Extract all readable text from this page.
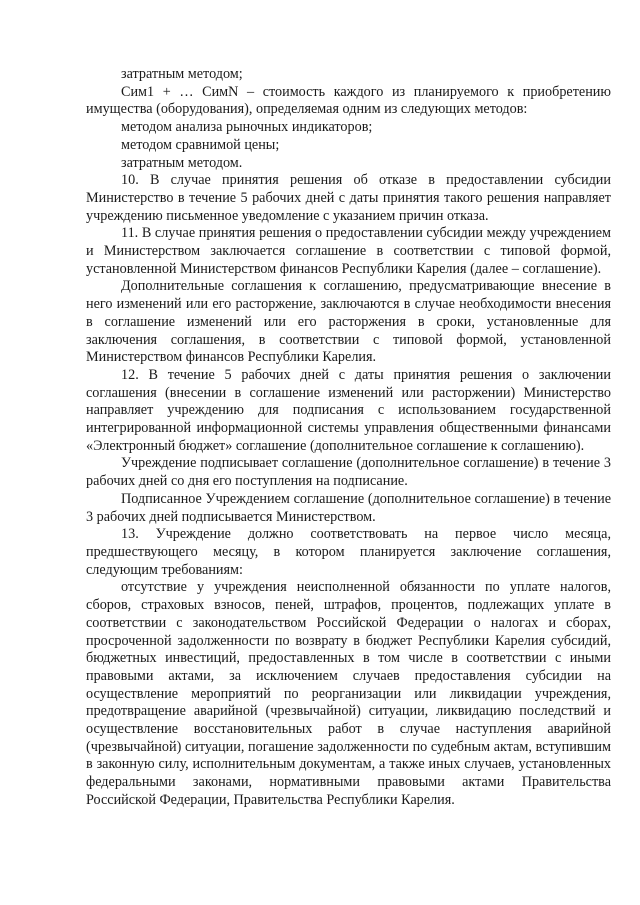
затратным методом;

Сим1 + … СимN – стоимость каждого из планируемого к приобретению имущества (оборудования), определяемая одним из следующих методов:

методом анализа рыночных индикаторов;

методом сравнимой цены;

затратным методом.

10. В случае принятия решения об отказе в предоставлении субсидии Министерство в течение 5 рабочих дней с даты принятия такого решения направляет учреждению письменное уведомление с указанием причин отказа.

11. В случае принятия решения о предоставлении субсидии между учреждением и Министерством заключается соглашение в соответствии с типовой формой, установленной Министерством финансов Республики Карелия (далее – соглашение).

Дополнительные соглашения к соглашению, предусматривающие внесение в него изменений или его расторжение, заключаются в случае необходимости внесения в соглашение изменений или его расторжения в сроки, установленные для заключения соглашения, в соответствии с типовой формой, установленной Министерством финансов Республики Карелия.

12. В течение 5 рабочих дней с даты принятия решения о заключении соглашения (внесении в соглашение изменений или расторжении) Министерство направляет учреждению для подписания с использованием государственной интегрированной информационной системы управления общественными финансами «Электронный бюджет» соглашение (дополнительное соглашение к соглашению).

Учреждение подписывает соглашение (дополнительное соглашение) в течение 3 рабочих дней со дня его поступления на подписание.

Подписанное Учреждением соглашение (дополнительное соглашение) в течение 3 рабочих дней подписывается Министерством.

13. Учреждение должно соответствовать на первое число месяца, предшествующего месяцу, в котором планируется заключение соглашения, следующим требованиям:

отсутствие у учреждения неисполненной обязанности по уплате налогов, сборов, страховых взносов, пеней, штрафов, процентов, подлежащих уплате в соответствии с законодательством Российской Федерации о налогах и сборах, просроченной задолженности по возврату в бюджет Республики Карелия субсидий, бюджетных инвестиций, предоставленных в том числе в соответствии с иными правовыми актами, за исключением случаев предоставления субсидии на осуществление мероприятий по реорганизации или ликвидации учреждения, предотвращение аварийной (чрезвычайной) ситуации, ликвидацию последствий и осуществление восстановительных работ в случае наступления аварийной (чрезвычайной) ситуации, погашение задолженности по судебным актам, вступившим в законную силу, исполнительным документам, а также иных случаев, установленных федеральными законами, нормативными правовыми актами Правительства Российской Федерации, Правительства Республики Карелия.
